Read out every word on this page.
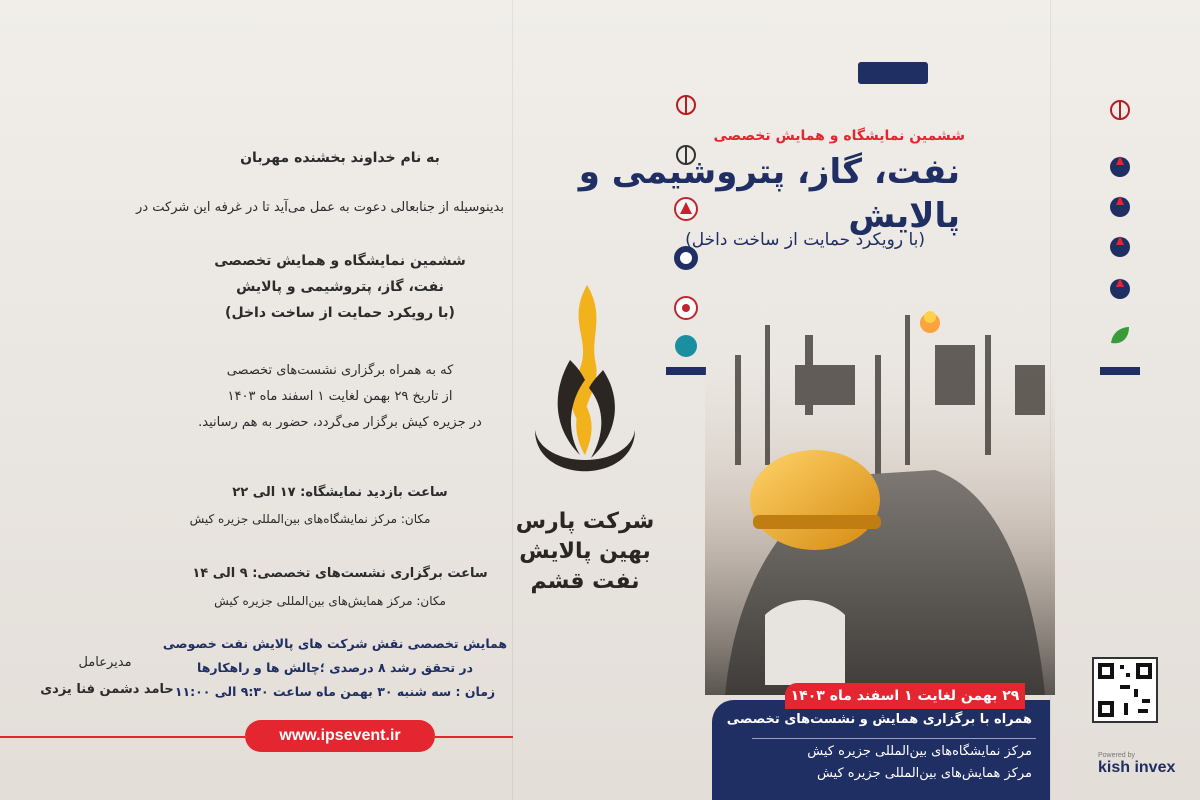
به نام خداوند بخشنده مهربان
بدینوسیله از جنابعالی دعوت به عمل می‌آید تا در غرفه این شرکت در
ششمین نمایشگاه و همایش تخصصی
نفت، گاز، پتروشیمی و پالایش
(با رویکرد حمایت از ساخت داخل)
که به همراه برگزاری نشست‌های تخصصی
از تاریخ ۲۹ بهمن لغایت ۱ اسفند ماه ۱۴۰۳
در جزیره کیش برگزار می‌گردد، حضور به هم رسانید.
ساعت بازدید نمایشگاه: ۱۷ الی ۲۲
مکان: مرکز نمایشگاه‌های بین‌المللی جزیره کیش
ساعت برگزاری نشست‌های تخصصی: ۹ الی ۱۴
مکان: مرکز همایش‌های بین‌المللی جزیره کیش
همایش تخصصی نقش شرکت های پالایش نفت خصوصی
در تحقق رشد ۸ درصدی ؛چالش ها و راهکارها
زمان : سه شنبه ۳۰ بهمن ماه ساعت ۹:۳۰ الی ۱۱:۰۰
مدیرعامل
حامد دشمن فنا یزدی
www.ipsevent.ir
شرکت پارس
بهین پالایش
نفت قشم
ششمین نمایشگاه و همایش تخصصی
نفت، گاز، پتروشیمی و
پالایش
(با رویکرد حمایت از ساخت داخل)
همراه با برگزاری همایش و نشست‌های تخصصی
مرکز نمایشگاه‌های بین‌المللی جزیره کیش
مرکز همایش‌های بین‌المللی جزیره کیش
۲۹ بهمن لغایت ۱ اسفند ماه ۱۴۰۳
Powered by
kish invex
